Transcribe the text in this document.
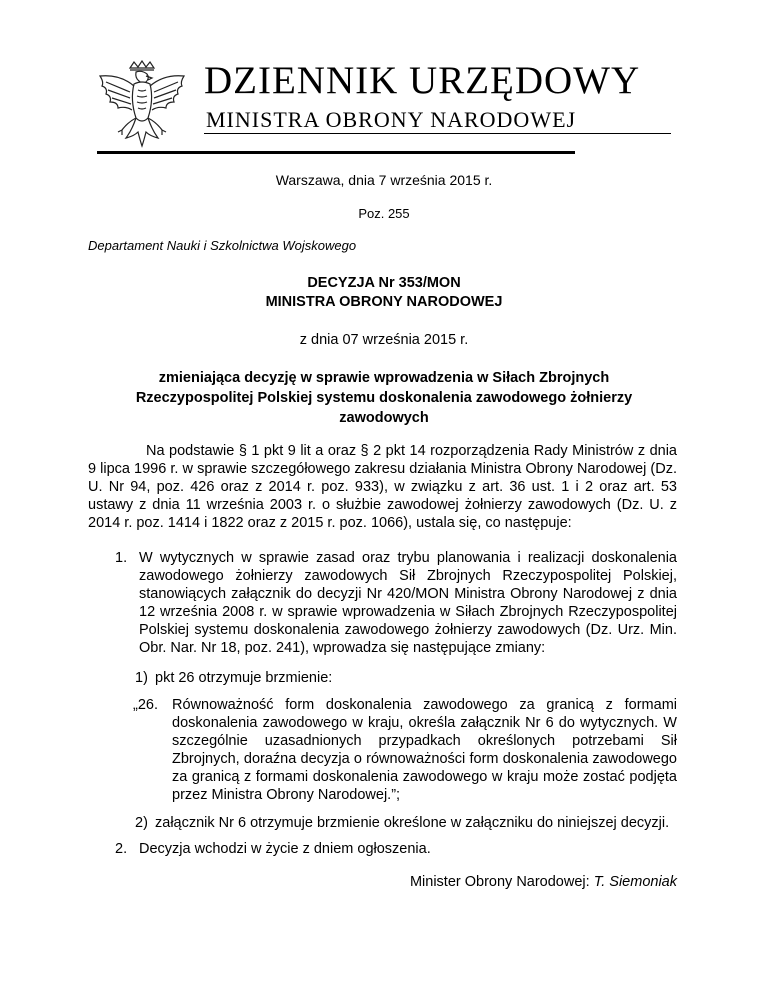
DZIENNIK URZĘDOWY
MINISTRA OBRONY NARODOWEJ
Warszawa, dnia 7 września 2015 r.
Poz. 255
Departament Nauki i Szkolnictwa Wojskowego
DECYZJA Nr 353/MON
MINISTRA OBRONY NARODOWEJ
z dnia 07 września 2015 r.
zmieniająca decyzję w sprawie wprowadzenia w Siłach Zbrojnych Rzeczypospolitej Polskiej systemu doskonalenia zawodowego żołnierzy zawodowych
Na podstawie § 1 pkt 9 lit a oraz § 2 pkt 14 rozporządzenia Rady Ministrów z dnia 9 lipca 1996 r. w sprawie szczegółowego zakresu działania Ministra Obrony Narodowej (Dz. U. Nr 94, poz. 426 oraz z 2014 r. poz. 933), w związku z art. 36 ust. 1 i 2 oraz art. 53 ustawy z dnia 11 września 2003 r. o służbie zawodowej żołnierzy zawodowych (Dz. U. z 2014 r. poz. 1414 i 1822 oraz z 2015 r. poz. 1066), ustala się, co następuje:
1. W wytycznych w sprawie zasad oraz trybu planowania i realizacji doskonalenia zawodowego żołnierzy zawodowych Sił Zbrojnych Rzeczypospolitej Polskiej, stanowiących załącznik do decyzji Nr 420/MON Ministra Obrony Narodowej z dnia 12 września 2008 r. w sprawie wprowadzenia w Siłach Zbrojnych Rzeczypospolitej Polskiej systemu doskonalenia zawodowego żołnierzy zawodowych (Dz. Urz. Min. Obr. Nar. Nr 18, poz. 241), wprowadza się następujące zmiany:
1) pkt 26 otrzymuje brzmienie:
„26. Równoważność form doskonalenia zawodowego za granicą z formami doskonalenia zawodowego w kraju, określa załącznik Nr 6 do wytycznych. W szczególnie uzasadnionych przypadkach określonych potrzebami Sił Zbrojnych, doraźna decyzja o równoważności form doskonalenia zawodowego za granicą z formami doskonalenia zawodowego w kraju może zostać podjęta przez Ministra Obrony Narodowej.”;
2) załącznik Nr 6 otrzymuje brzmienie określone w załączniku do niniejszej decyzji.
2. Decyzja wchodzi w życie z dniem ogłoszenia.
Minister Obrony Narodowej: T. Siemoniak
